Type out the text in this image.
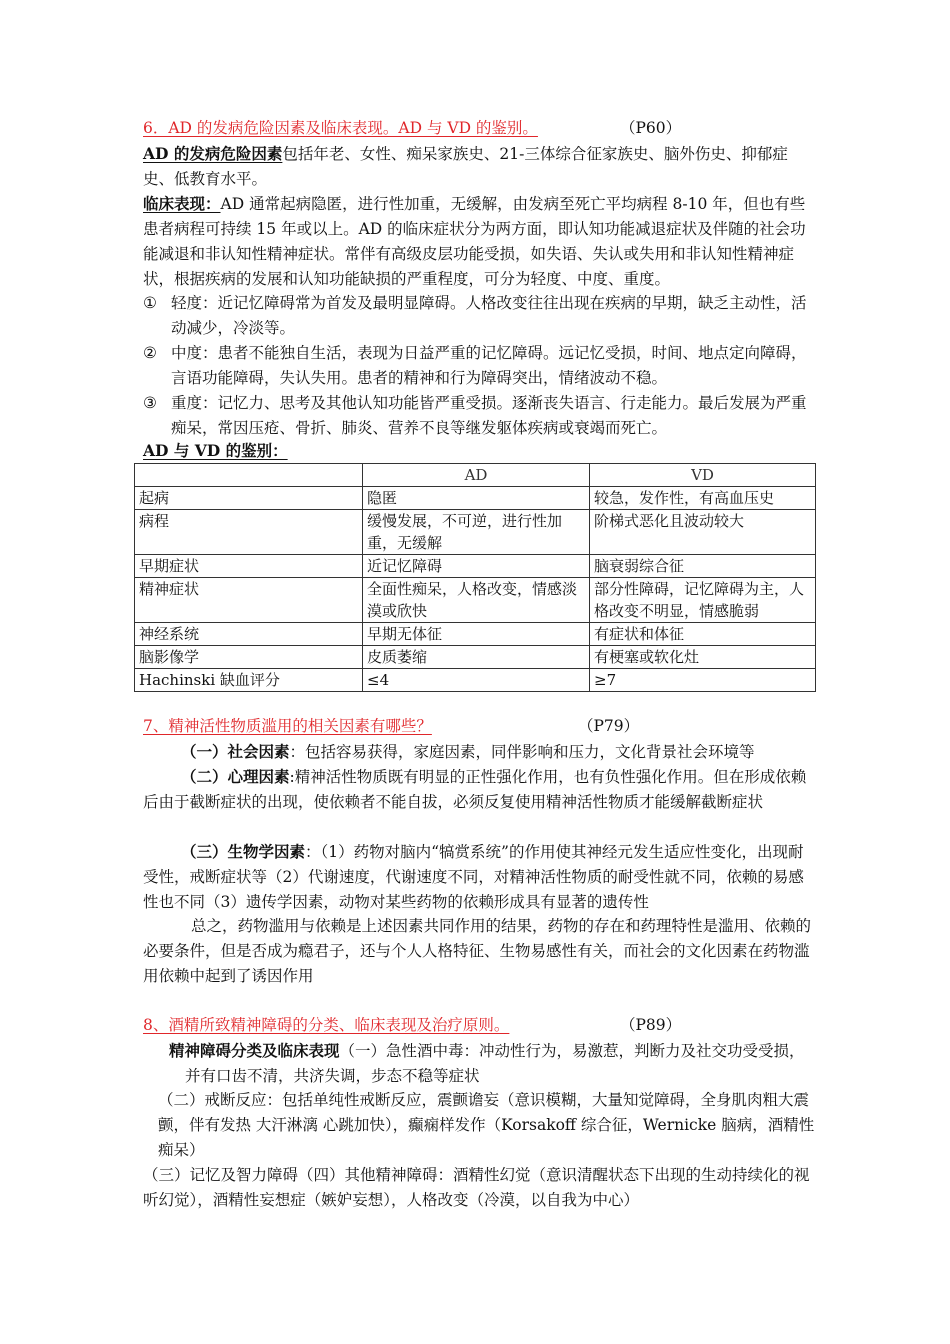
6．AD 的发病危险因素及临床表现。AD 与 VD 的鉴别。	（P60）
AD 的发病危险因素包括年老、女性、痴呆家族史、21-三体综合征家族史、脑外伤史、抑郁症史、低教育水平。
临床表现：AD 通常起病隐匿，进行性加重，无缓解，由发病至死亡平均病程 8-10 年，但也有些患者病程可持续 15 年或以上。AD 的临床症状分为两方面，即认知功能减退症状及伴随的社会功能减退和非认知性精神症状。常伴有高级皮层功能受损，如失语、失认或失用和非认知性精神症状，根据疾病的发展和认知功能缺损的严重程度，可分为轻度、中度、重度。
① 轻度：近记忆障碍常为首发及最明显障碍。人格改变往往出现在疾病的早期，缺乏主动性，活动减少，冷淡等。
② 中度：患者不能独自生活，表现为日益严重的记忆障碍。远记忆受损，时间、地点定向障碍，言语功能障碍，失认失用。患者的精神和行为障碍突出，情绪波动不稳。
③ 重度：记忆力、思考及其他认知功能皆严重受损。逐渐丧失语言、行走能力。最后发展为严重痴呆，常因压疮、骨折、肺炎、营养不良等继发躯体疾病或衰竭而死亡。
AD 与 VD 的鉴别：
	AD	VD
起病	隐匿	较急，发作性，有高血压史
病程	缓慢发展，不可逆，进行性加重，无缓解	阶梯式恶化且波动较大
早期症状	近记忆障碍	脑衰弱综合征
精神症状	全面性痴呆，人格改变，情感淡漠或欣快	部分性障碍，记忆障碍为主，人格改变不明显，情感脆弱
神经系统	早期无体征	有症状和体征
脑影像学	皮质萎缩	有梗塞或软化灶
Hachinski 缺血评分	≤4	≥7
7、精神活性物质滥用的相关因素有哪些？	（P79）
（一）社会因素：包括容易获得，家庭因素，同伴影响和压力，文化背景社会环境等
（二）心理因素:精神活性物质既有明显的正性强化作用，也有负性强化作用。但在形成依赖后由于截断症状的出现，使依赖者不能自拔，必须反复使用精神活性物质才能缓解截断症状
（三）生物学因素：（1）药物对脑内“犒赏系统”的作用使其神经元发生适应性变化，出现耐受性，戒断症状等（2）代谢速度，代谢速度不同，对精神活性物质的耐受性就不同，依赖的易感性也不同（3）遗传学因素，动物对某些药物的依赖形成具有显著的遗传性
总之，药物滥用与依赖是上述因素共同作用的结果，药物的存在和药理特性是滥用、依赖的必要条件，但是否成为瘾君子，还与个人人格特征、生物易感性有关，而社会的文化因素在药物滥用依赖中起到了诱因作用
8、酒精所致精神障碍的分类、临床表现及治疗原则。	（P89）
精神障碍分类及临床表现（一）急性酒中毒：冲动性行为，易激惹，判断力及社交功受受损，并有口齿不清，共济失调，步态不稳等症状
（二）戒断反应：包括单纯性戒断反应，震颤谵妄（意识模糊，大量知觉障碍，全身肌肉粗大震颤，伴有发热 大汗淋漓 心跳加快），癫痫样发作（Korsakoff 综合征，Wernicke 脑病，酒精性痴呆）
（三）记忆及智力障碍（四）其他精神障碍：酒精性幻觉（意识清醒状态下出现的生动持续化的视听幻觉），酒精性妄想症（嫉妒妄想），人格改变（冷漠，以自我为中心）
